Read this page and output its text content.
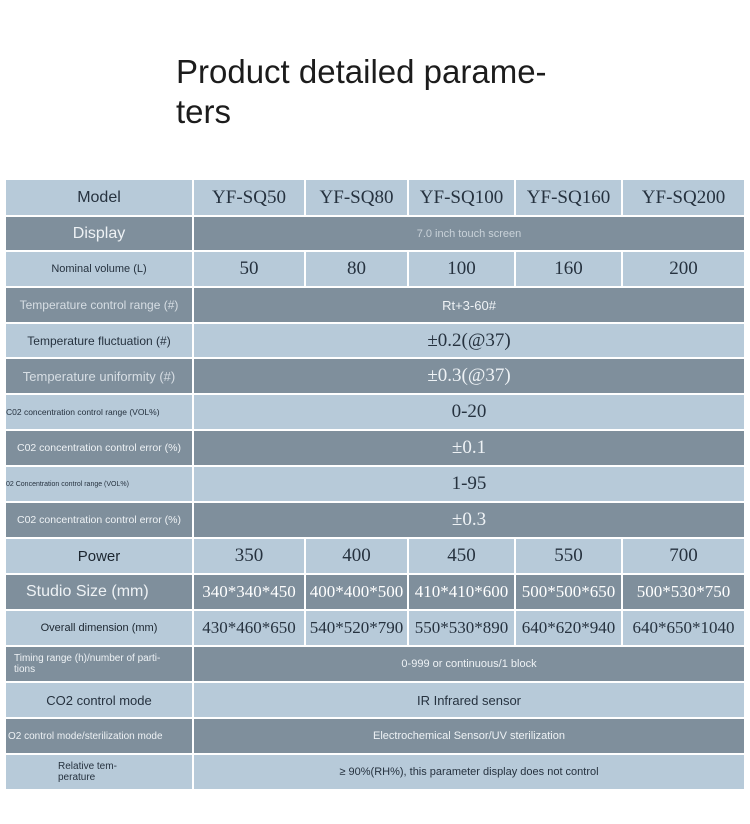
Product detailed parame- ters
Model	YF-SQ50	YF-SQ80	YF-SQ100	YF-SQ160	YF-SQ200
Display	7.0 inch touch screen
Nominal volume (L)	50	80	100	160	200
Temperature control range (#)	Rt+3-60#
Temperature fluctuation (#)	±0.2(@37)
Temperature uniformity (#)	±0.3(@37)
C02 concentration control range (VOL%)	0-20
C02 concentration control error (%)	±0.1
02 Concentration control range (VOL%)	1-95
C02 concentration control error (%)	±0.3
Power	350	400	450	550	700
Studio Size (mm)	340*340*450 400*400*500 410*410*600 500*500*650	500*530*750
Overall dimension (mm)	430*460*650 540*520*790 550*530*890 640*620*940	640*650*1040
Timing range (h)/number of parti- tions	0-999 or continuous/1 block
CO2 control mode	IR Infrared sensor
O2 control mode/sterilization mode	Electrochemical Sensor/UV sterilization
Relative tem- perature	≥ 90%(RH%), this parameter display does not control
